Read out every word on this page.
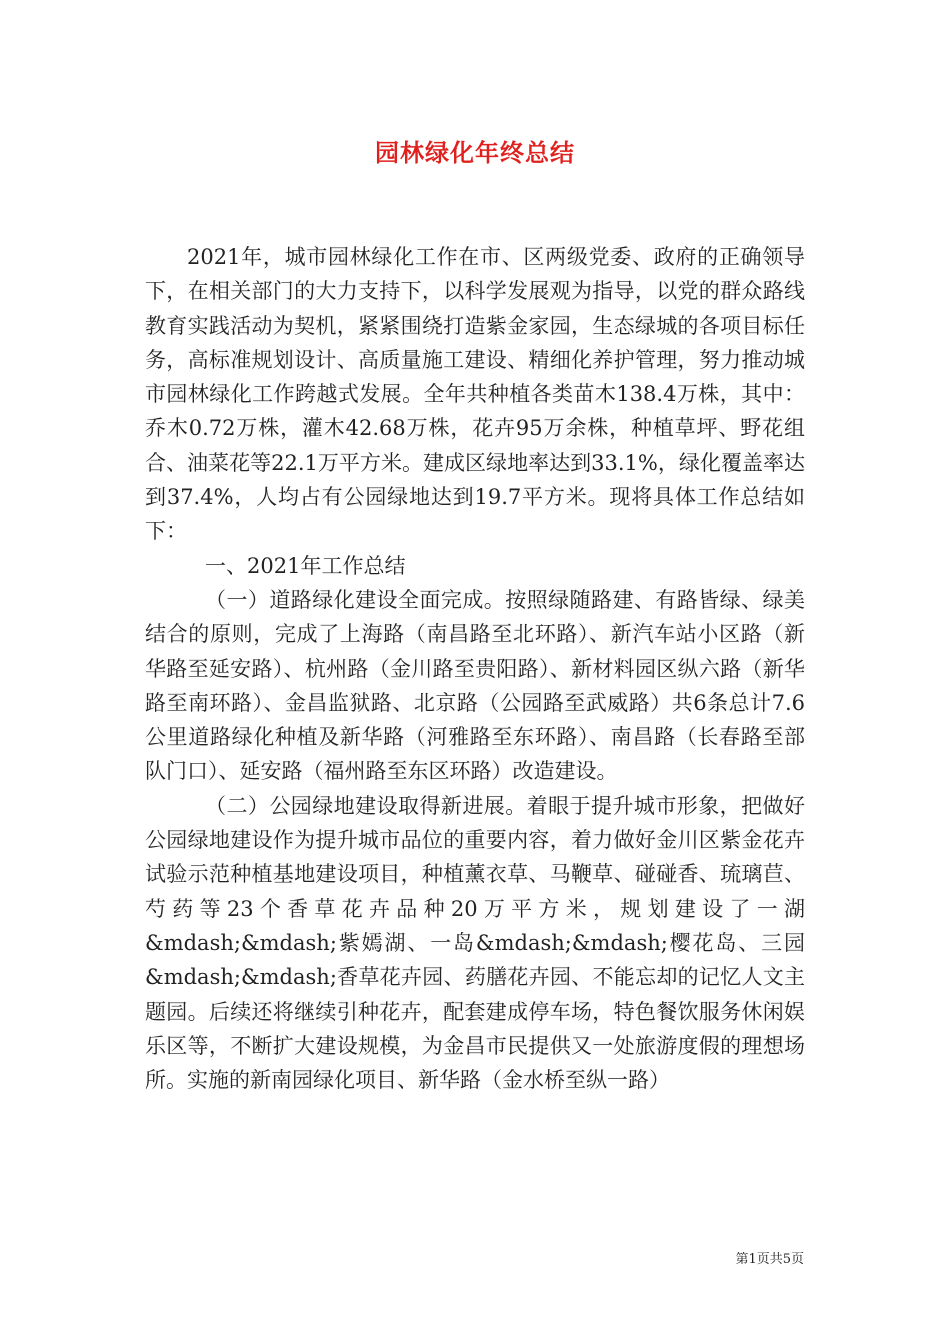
园林绿化年终总结

2021年，城市园林绿化工作在市、区两级党委、政府的正确领导下，在相关部门的大力支持下，以科学发展观为指导，以党的群众路线教育实践活动为契机，紧紧围绕打造紫金家园，生态绿城的各项目标任务，高标准规划设计、高质量施工建设、精细化养护管理，努力推动城市园林绿化工作跨越式发展。全年共种植各类苗木138.4万株，其中：乔木0.72万株，灌木42.68万株，花卉95万余株，种植草坪、野花组合、油菜花等22.1万平方米。建成区绿地率达到33.1%，绿化覆盖率达到37.4%，人均占有公园绿地达到19.7平方米。现将具体工作总结如下：

一、2021年工作总结

（一）道路绿化建设全面完成。按照绿随路建、有路皆绿、绿美结合的原则，完成了上海路（南昌路至北环路）、新汽车站小区路（新华路至延安路）、杭州路（金川路至贵阳路）、新材料园区纵六路（新华路至南环路）、金昌监狱路、北京路（公园路至武威路）共6条总计7.6公里道路绿化种植及新华路（河雅路至东环路）、南昌路（长春路至部队门口）、延安路（福州路至东区环路）改造建设。

（二）公园绿地建设取得新进展。着眼于提升城市形象，把做好公园绿地建设作为提升城市品位的重要内容，着力做好金川区紫金花卉试验示范种植基地建设项目，种植薰衣草、马鞭草、碰碰香、琉璃苣、芍药等23个香草花卉品种20万平方米，规划建设了一湖&mdash;&mdash;紫嫣湖、一岛&mdash;&mdash;樱花岛、三园&mdash;&mdash;香草花卉园、药膳花卉园、不能忘却的记忆人文主题园。后续还将继续引种花卉，配套建成停车场，特色餐饮服务休闲娱乐区等，不断扩大建设规模，为金昌市民提供又一处旅游度假的理想场所。实施的新南园绿化项目、新华路（金水桥至纵一路）

第1页共5页
